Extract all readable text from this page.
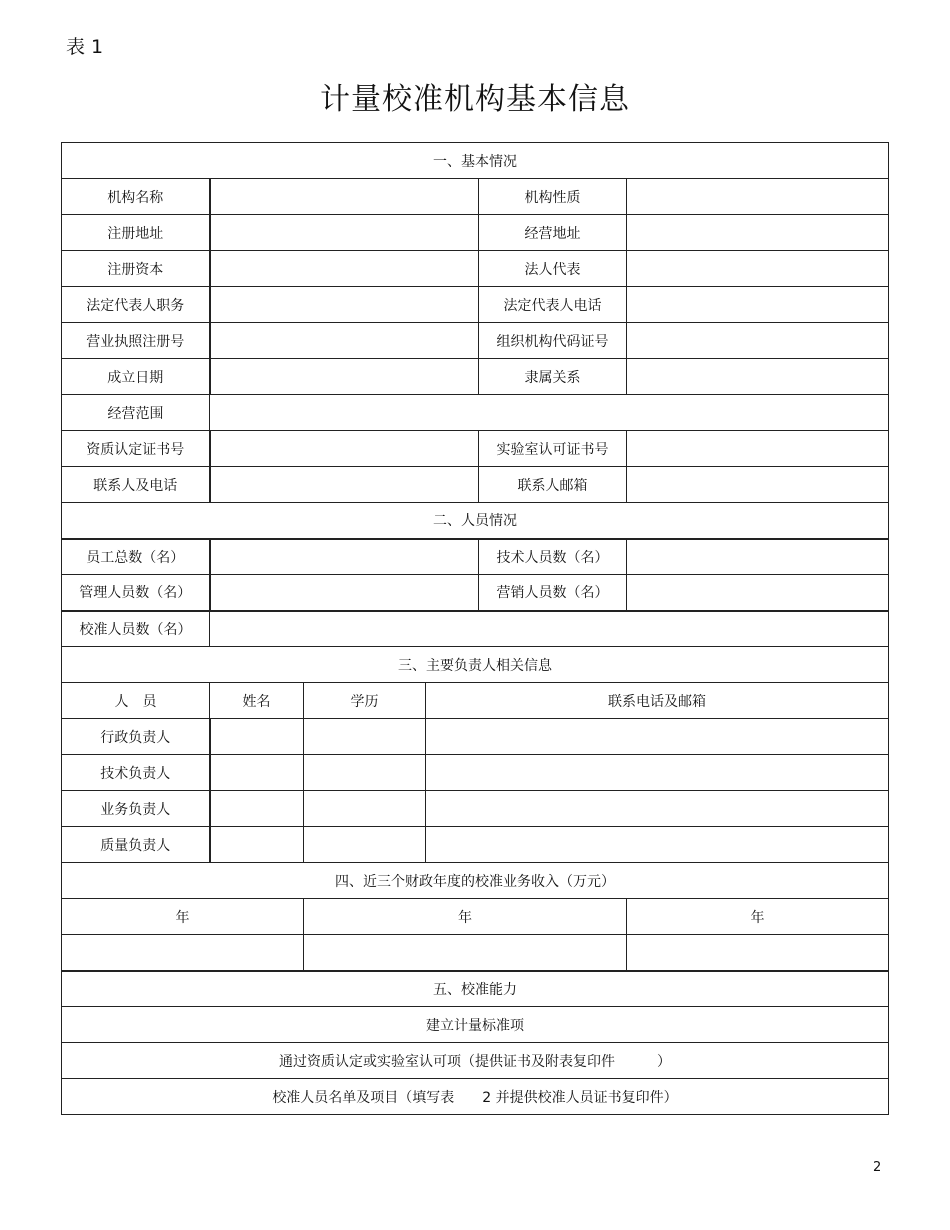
表 1
计量校准机构基本信息
一、基本情况					
机构名称				机构性质	
注册地址				经营地址	
注册资本				法人代表	
法定代表人职务				法定代表人电话	
营业执照注册号				组织机构代码证号	
成立日期				隶属关系	
经营范围					
资质认定证书号				实验室认可证书号	
联系人及电话				联系人邮箱	
二、人员情况					
员工总数（名）				技术人员数（名）	
管理人员数（名）				营销人员数（名）	
校准人员数（名）					
三、主要负责人相关信息					
人　员	姓名	学历	联系电话及邮箱		
行政负责人					
技术负责人					
业务负责人					
质量负责人					
四、近三个财政年度的校准业务收入（万元）					
年		年			年

五、校准能力					
建立计量标准项					
通过资质认定或实验室认可项（提供证书及附表复印件　　　）					
校准人员名单及项目（填写表　　2 并提供校准人员证书复印件）					
2
